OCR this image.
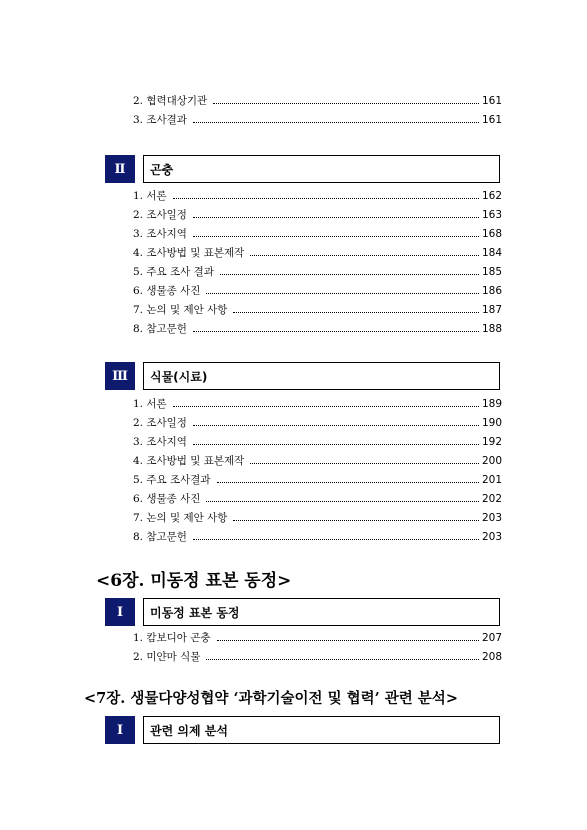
2. 협력대상기관	161
3. 조사결과	161
Ⅱ	곤충
1. 서론	162
2. 조사일정	163
3. 조사지역	168
4. 조사방법 및 표본제작	184
5. 주요 조사 결과	185
6. 생물종 사진	186
7. 논의 및 제안 사항	187
8. 참고문헌	188
Ⅲ	식물(시료)
1. 서론	189
2. 조사일정	190
3. 조사지역	192
4. 조사방법 및 표본제작	200
5. 주요 조사결과	201
6. 생물종 사진	202
7. 논의 및 제안 사항	203
8. 참고문헌	203
<6장. 미동정 표본 동정>
Ⅰ	미동정 표본 동정
1. 캄보디아 곤충	207
2. 미얀마 식물	208
<7장. 생물다양성협약 ‘과학기술이전 및 협력’ 관련 분석>
Ⅰ	관련 의제 분석
